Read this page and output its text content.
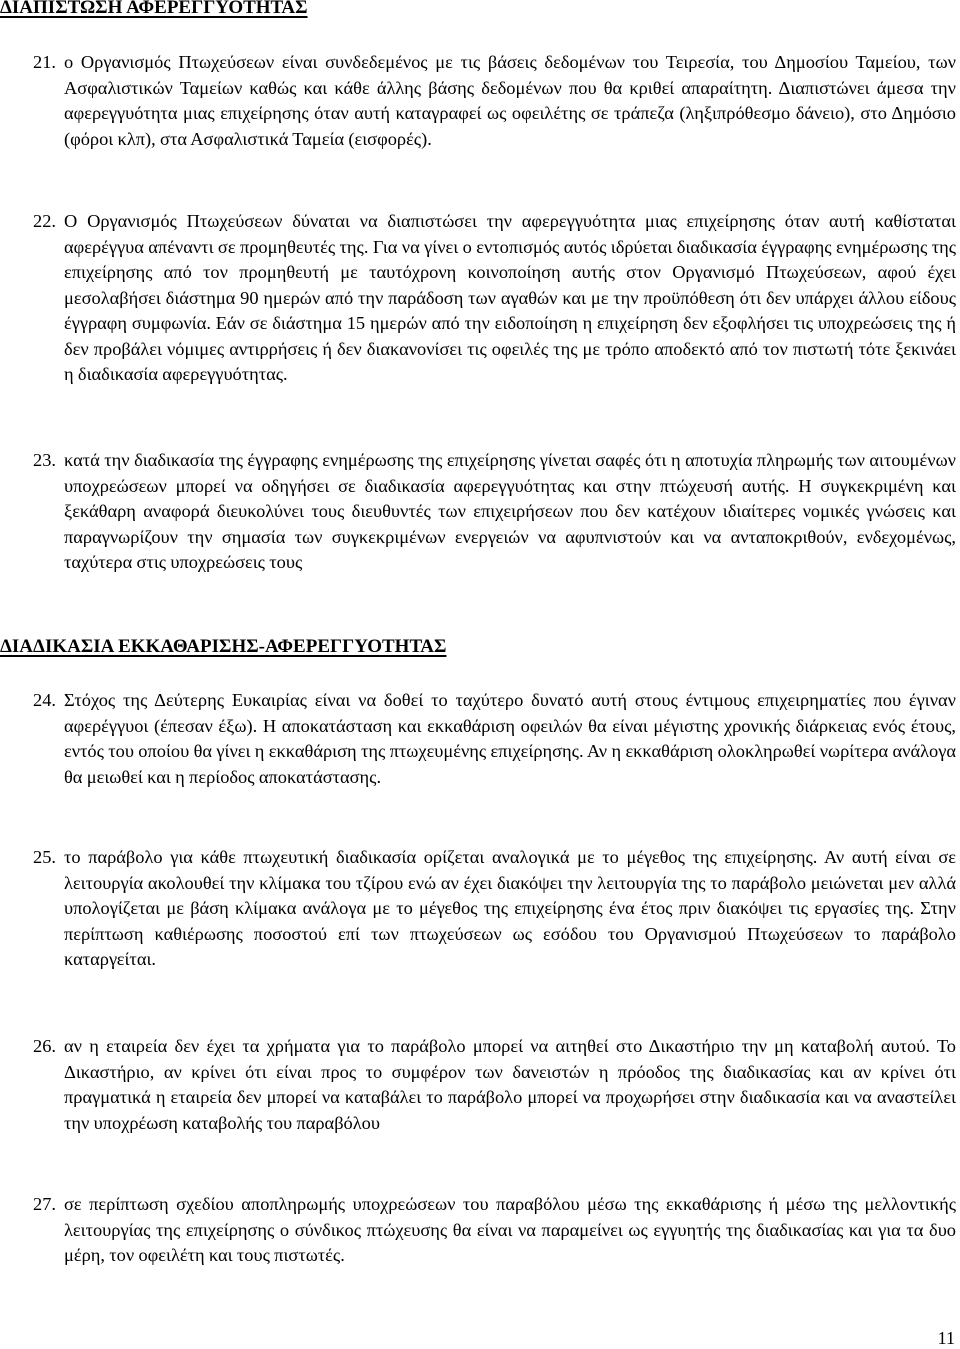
ΔΙΑΠΙΣΤΩΣΗ ΑΦΕΡΕΓΓΥΟΤΗΤΑΣ
21. ο Οργανισμός Πτωχεύσεων είναι συνδεδεμένος με τις βάσεις δεδομένων του Τειρεσία, του Δημοσίου Ταμείου, των Ασφαλιστικών Ταμείων καθώς και κάθε άλλης βάσης δεδομένων που θα κριθεί απαραίτητη. Διαπιστώνει άμεσα την αφερεγγυότητα μιας επιχείρησης όταν αυτή καταγραφεί ως οφειλέτης σε τράπεζα (ληξιπρόθεσμο δάνειο), στο Δημόσιο (φόροι κλπ), στα Ασφαλιστικά Ταμεία (εισφορές).
22. Ο Οργανισμός Πτωχεύσεων δύναται να διαπιστώσει την αφερεγγυότητα μιας επιχείρησης όταν αυτή καθίσταται αφερέγγυα απέναντι σε προμηθευτές της. Για να γίνει ο εντοπισμός αυτός ιδρύεται διαδικασία έγγραφης ενημέρωσης της επιχείρησης από τον προμηθευτή με ταυτόχρονη κοινοποίηση αυτής στον Οργανισμό Πτωχεύσεων, αφού έχει μεσολαβήσει διάστημα 90 ημερών από την παράδοση των αγαθών και με την προϋπόθεση ότι δεν υπάρχει άλλου είδους έγγραφη συμφωνία. Εάν σε διάστημα 15 ημερών από την ειδοποίηση η επιχείρηση δεν εξοφλήσει τις υποχρεώσεις της ή δεν προβάλει νόμιμες αντιρρήσεις ή δεν διακανονίσει τις οφειλές της με τρόπο αποδεκτό από τον πιστωτή τότε ξεκινάει η διαδικασία αφερεγγυότητας.
23. κατά την διαδικασία της έγγραφης ενημέρωσης της επιχείρησης γίνεται σαφές ότι η αποτυχία πληρωμής των αιτουμένων υποχρεώσεων μπορεί να οδηγήσει σε διαδικασία αφερεγγυότητας και στην πτώχευσή αυτής. Η συγκεκριμένη και ξεκάθαρη αναφορά διευκολύνει τους διευθυντές των επιχειρήσεων που δεν κατέχουν ιδιαίτερες νομικές γνώσεις και παραγνωρίζουν την σημασία των συγκεκριμένων ενεργειών να αφυπνιστούν και να ανταποκριθούν, ενδεχομένως, ταχύτερα στις υποχρεώσεις τους
ΔΙΑΔΙΚΑΣΙΑ ΕΚΚΑΘΑΡΙΣΗΣ-ΑΦΕΡΕΓΓΥΟΤΗΤΑΣ
24. Στόχος της Δεύτερης Ευκαιρίας είναι να δοθεί το ταχύτερο δυνατό αυτή στους έντιμους επιχειρηματίες που έγιναν αφερέγγυοι (έπεσαν έξω). Η αποκατάσταση και εκκαθάριση οφειλών θα είναι μέγιστης χρονικής διάρκειας ενός έτους, εντός του οποίου θα γίνει η εκκαθάριση της πτωχευμένης επιχείρησης. Αν η εκκαθάριση ολοκληρωθεί νωρίτερα ανάλογα θα μειωθεί και η περίοδος αποκατάστασης.
25. το παράβολο για κάθε πτωχευτική διαδικασία ορίζεται αναλογικά με το μέγεθος της επιχείρησης. Αν αυτή είναι σε λειτουργία ακολουθεί την κλίμακα του τζίρου ενώ αν έχει διακόψει την λειτουργία της το παράβολο μειώνεται μεν αλλά υπολογίζεται με βάση κλίμακα ανάλογα με το μέγεθος της επιχείρησης ένα έτος πριν διακόψει τις εργασίες της. Στην περίπτωση καθιέρωσης ποσοστού επί των πτωχεύσεων ως εσόδου του Οργανισμού Πτωχεύσεων το παράβολο καταργείται.
26. αν η εταιρεία δεν έχει τα χρήματα για το παράβολο μπορεί να αιτηθεί στο Δικαστήριο την μη καταβολή αυτού. Το Δικαστήριο, αν κρίνει ότι είναι προς το συμφέρον των δανειστών η πρόοδος της διαδικασίας και αν κρίνει ότι πραγματικά η εταιρεία δεν μπορεί να καταβάλει το παράβολο μπορεί να προχωρήσει στην διαδικασία και να αναστείλει την υποχρέωση καταβολής του παραβόλου
27. σε περίπτωση σχεδίου αποπληρωμής υποχρεώσεων του παραβόλου μέσω της εκκαθάρισης ή μέσω της μελλοντικής λειτουργίας της επιχείρησης ο σύνδικος πτώχευσης θα είναι να παραμείνει ως εγγυητής της διαδικασίας και για τα δυο μέρη, τον οφειλέτη και τους πιστωτές.
11
